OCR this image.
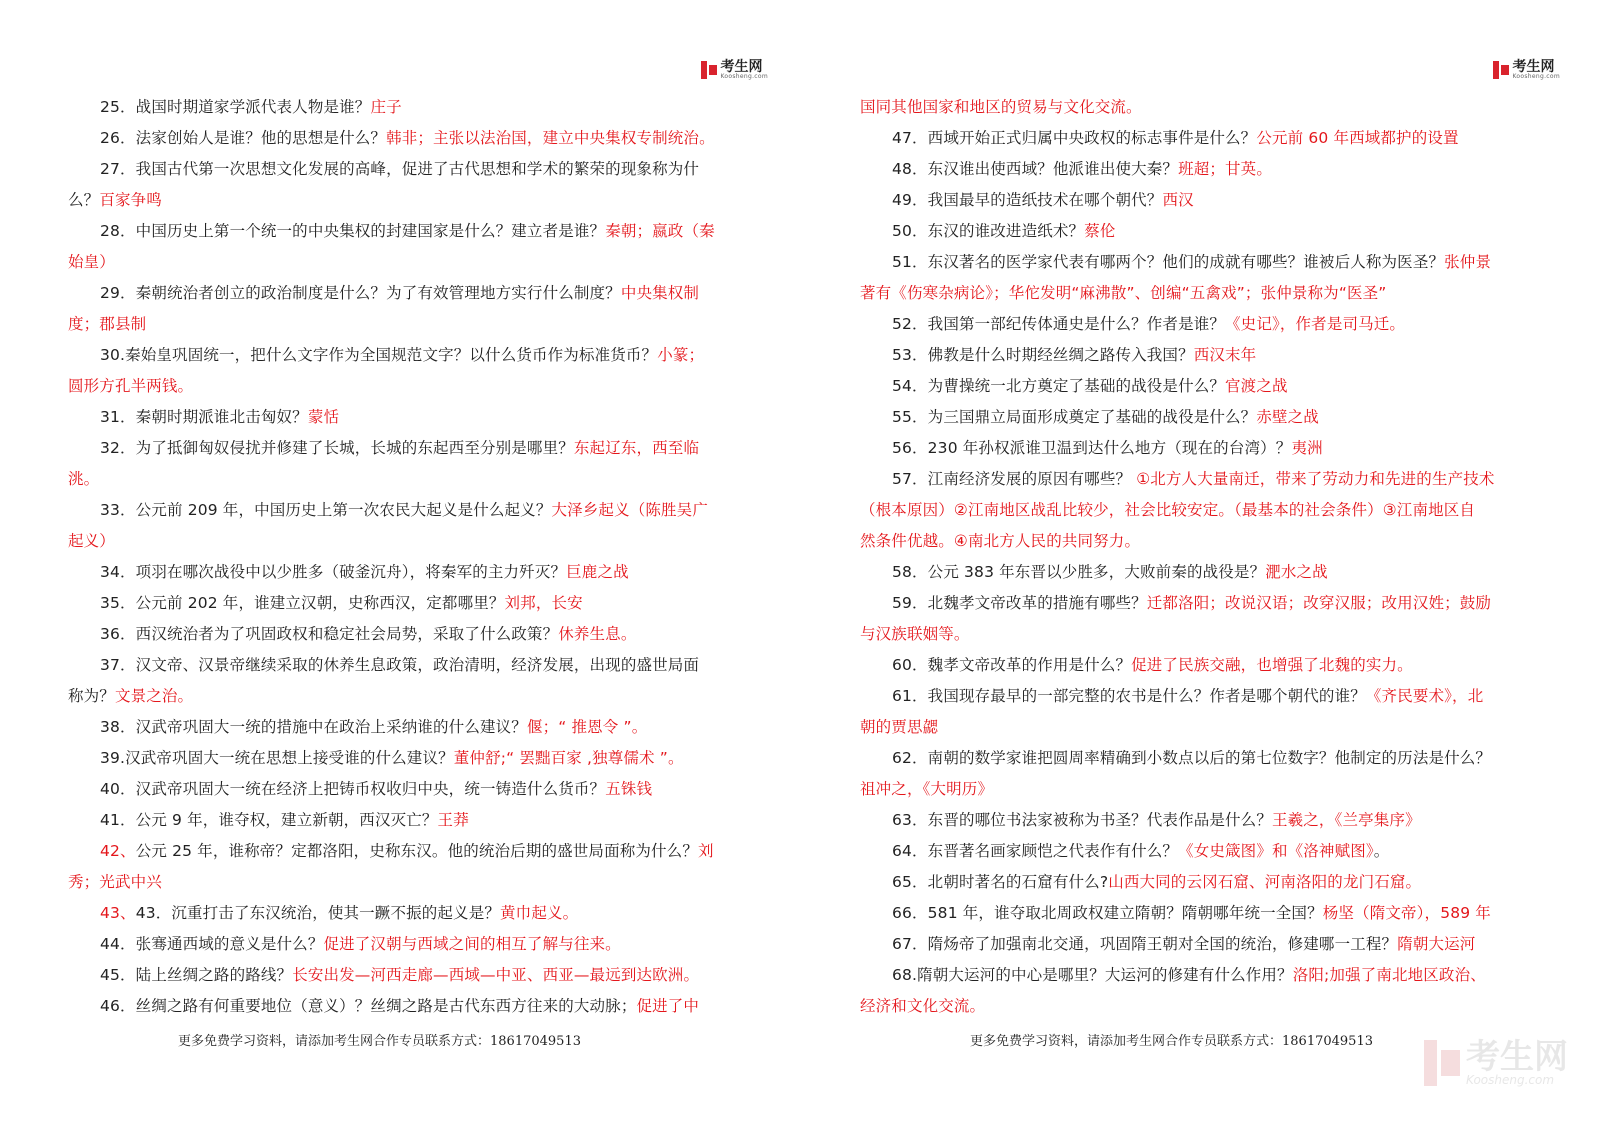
考生网
Koosheng.com
25．战国时期道家学派代表人物是谁？庄子
26．法家创始人是谁？他的思想是什么？韩非；主张以法治国，建立中央集权专制统治。
27．我国古代第一次思想文化发展的高峰，促进了古代思想和学术的繁荣的现象称为什
么？百家争鸣
28．中国历史上第一个统一的中央集权的封建国家是什么？建立者是谁？秦朝；嬴政（秦
始皇）
29．秦朝统治者创立的政治制度是什么？为了有效管理地方实行什么制度？中央集权制
度；郡县制
30.秦始皇巩固统一，把什么文字作为全国规范文字？以什么货币作为标准货币？小篆；
圆形方孔半两钱。
31．秦朝时期派谁北击匈奴？蒙恬
32．为了抵御匈奴侵扰并修建了长城，长城的东起西至分别是哪里？东起辽东，西至临
洮。
33．公元前 209 年，中国历史上第一次农民大起义是什么起义？大泽乡起义（陈胜吴广
起义）
34．项羽在哪次战役中以少胜多（破釜沉舟），将秦军的主力歼灭？巨鹿之战
35．公元前 202 年，谁建立汉朝，史称西汉，定都哪里？刘邦，长安
36．西汉统治者为了巩固政权和稳定社会局势，采取了什么政策？休养生息。
37．汉文帝、汉景帝继续采取的休养生息政策，政治清明，经济发展，出现的盛世局面
称为？文景之治。
38．汉武帝巩固大一统的措施中在政治上采纳谁的什么建议？偃；“ 推恩令 ”。
39.汉武帝巩固大一统在思想上接受谁的什么建议？董仲舒;“ 罢黜百家 ,独尊儒术 ”。
40．汉武帝巩固大一统在经济上把铸币权收归中央，统一铸造什么货币？五铢钱
41．公元 9 年，谁夺权，建立新朝，西汉灭亡？王莽
42、公元 25 年，谁称帝？定都洛阳，史称东汉。他的统治后期的盛世局面称为什么？刘
秀；光武中兴
43、43．沉重打击了东汉统治，使其一蹶不振的起义是？黄巾起义。
44．张骞通西域的意义是什么？促进了汉朝与西域之间的相互了解与往来。
45．陆上丝绸之路的路线？长安出发—河西走廊—西域—中亚、西亚—最远到达欧洲。
46．丝绸之路有何重要地位（意义）？丝绸之路是古代东西方往来的大动脉；促进了中
更多免费学习资料，请添加考生网合作专员联系方式：18617049513
考生网
Koosheng.com
国同其他国家和地区的贸易与文化交流。
47．西域开始正式归属中央政权的标志事件是什么？公元前 60 年西域都护的设置
48．东汉谁出使西域？他派谁出使大秦？班超；甘英。
49．我国最早的造纸技术在哪个朝代？西汉
50．东汉的谁改进造纸术？蔡伦
51．东汉著名的医学家代表有哪两个？他们的成就有哪些？谁被后人称为医圣？张仲景
著有《伤寒杂病论》；华佗发明“麻沸散”、创编“五禽戏”；张仲景称为“医圣”
52．我国第一部纪传体通史是什么？作者是谁？《史记》，作者是司马迁。
53．佛教是什么时期经丝绸之路传入我国？西汉末年
54．为曹操统一北方奠定了基础的战役是什么？官渡之战
55．为三国鼎立局面形成奠定了基础的战役是什么？赤壁之战
56．230 年孙权派谁卫温到达什么地方（现在的台湾）？夷洲
57．江南经济发展的原因有哪些？ ①北方人大量南迁，带来了劳动力和先进的生产技术
（根本原因）②江南地区战乱比较少，社会比较安定。（最基本的社会条件）③江南地区自
然条件优越。④南北方人民的共同努力。
58．公元 383 年东晋以少胜多，大败前秦的战役是？淝水之战
59．北魏孝文帝改革的措施有哪些？迁都洛阳；改说汉语；改穿汉服；改用汉姓；鼓励
与汉族联姻等。
60．魏孝文帝改革的作用是什么？促进了民族交融，也增强了北魏的实力。
61．我国现存最早的一部完整的农书是什么？作者是哪个朝代的谁？《齐民要术》，北
朝的贾思勰
62．南朝的数学家谁把圆周率精确到小数点以后的第七位数字？他制定的历法是什么？
祖冲之，《大明历》
63．东晋的哪位书法家被称为书圣？代表作品是什么？王羲之，《兰亭集序》
64．东晋著名画家顾恺之代表作有什么？《女史箴图》和《洛神赋图》。
65．北朝时著名的石窟有什么?山西大同的云冈石窟、河南洛阳的龙门石窟。
66．581 年，谁夺取北周政权建立隋朝？隋朝哪年统一全国？杨坚（隋文帝），589 年
67．隋炀帝了加强南北交通，巩固隋王朝对全国的统治，修建哪一工程？隋朝大运河
68.隋朝大运河的中心是哪里？大运河的修建有什么作用？洛阳;加强了南北地区政治、
经济和文化交流。
更多免费学习资料，请添加考生网合作专员联系方式：18617049513	考生网
Koosheng.com
